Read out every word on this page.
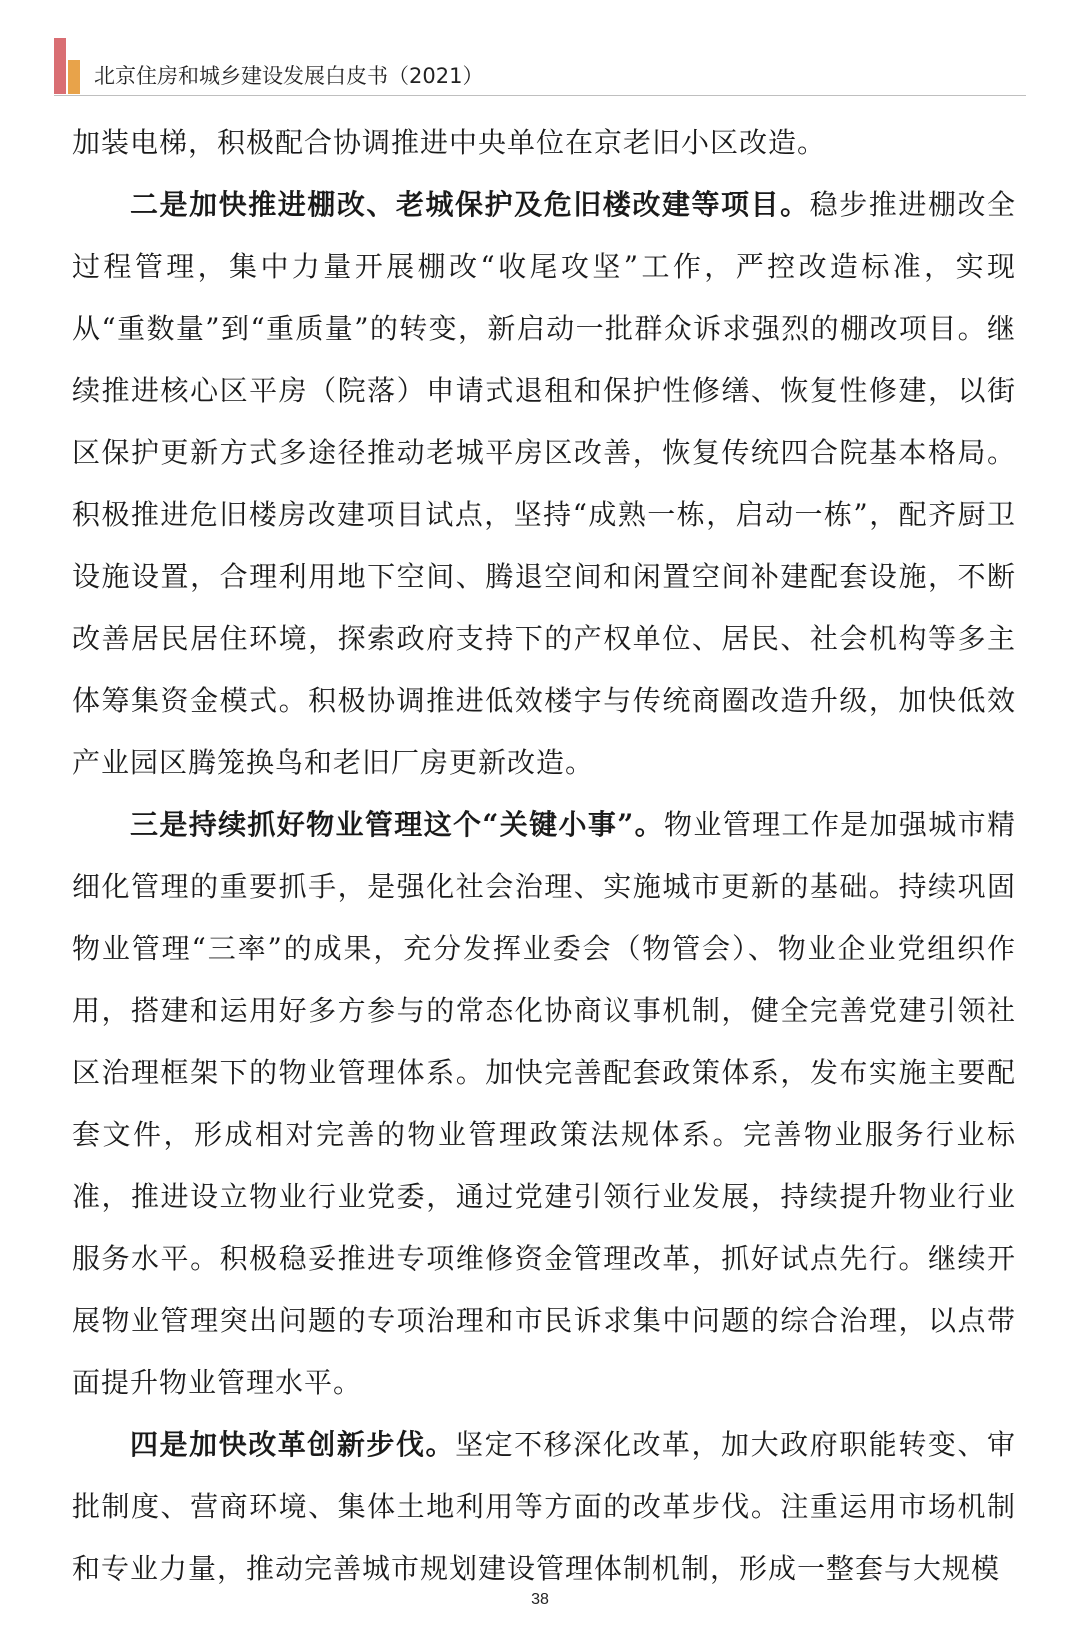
北京住房和城乡建设发展白皮书（2021）

加装电梯，积极配合协调推进中央单位在京老旧小区改造。

二是加快推进棚改、老城保护及危旧楼改建等项目。稳步推进棚改全过程管理，集中力量开展棚改“收尾攻坚”工作，严控改造标准，实现从“重数量”到“重质量”的转变，新启动一批群众诉求强烈的棚改项目。继续推进核心区平房（院落）申请式退租和保护性修缮、恢复性修建，以街区保护更新方式多途径推动老城平房区改善，恢复传统四合院基本格局。积极推进危旧楼房改建项目试点，坚持“成熟一栋，启动一栋”，配齐厨卫设施设置，合理利用地下空间、腾退空间和闲置空间补建配套设施，不断改善居民居住环境，探索政府支持下的产权单位、居民、社会机构等多主体筹集资金模式。积极协调推进低效楼宇与传统商圈改造升级，加快低效产业园区腾笼换鸟和老旧厂房更新改造。

三是持续抓好物业管理这个“关键小事”。物业管理工作是加强城市精细化管理的重要抓手，是强化社会治理、实施城市更新的基础。持续巩固物业管理“三率”的成果，充分发挥业委会（物管会）、物业企业党组织作用，搭建和运用好多方参与的常态化协商议事机制，健全完善党建引领社区治理框架下的物业管理体系。加快完善配套政策体系，发布实施主要配套文件，形成相对完善的物业管理政策法规体系。完善物业服务行业标准，推进设立物业行业党委，通过党建引领行业发展，持续提升物业行业服务水平。积极稳妥推进专项维修资金管理改革，抓好试点先行。继续开展物业管理突出问题的专项治理和市民诉求集中问题的综合治理，以点带面提升物业管理水平。

四是加快改革创新步伐。坚定不移深化改革，加大政府职能转变、审批制度、营商环境、集体土地利用等方面的改革步伐。注重运用市场机制和专业力量，推动完善城市规划建设管理体制机制，形成一整套与大规模

38
